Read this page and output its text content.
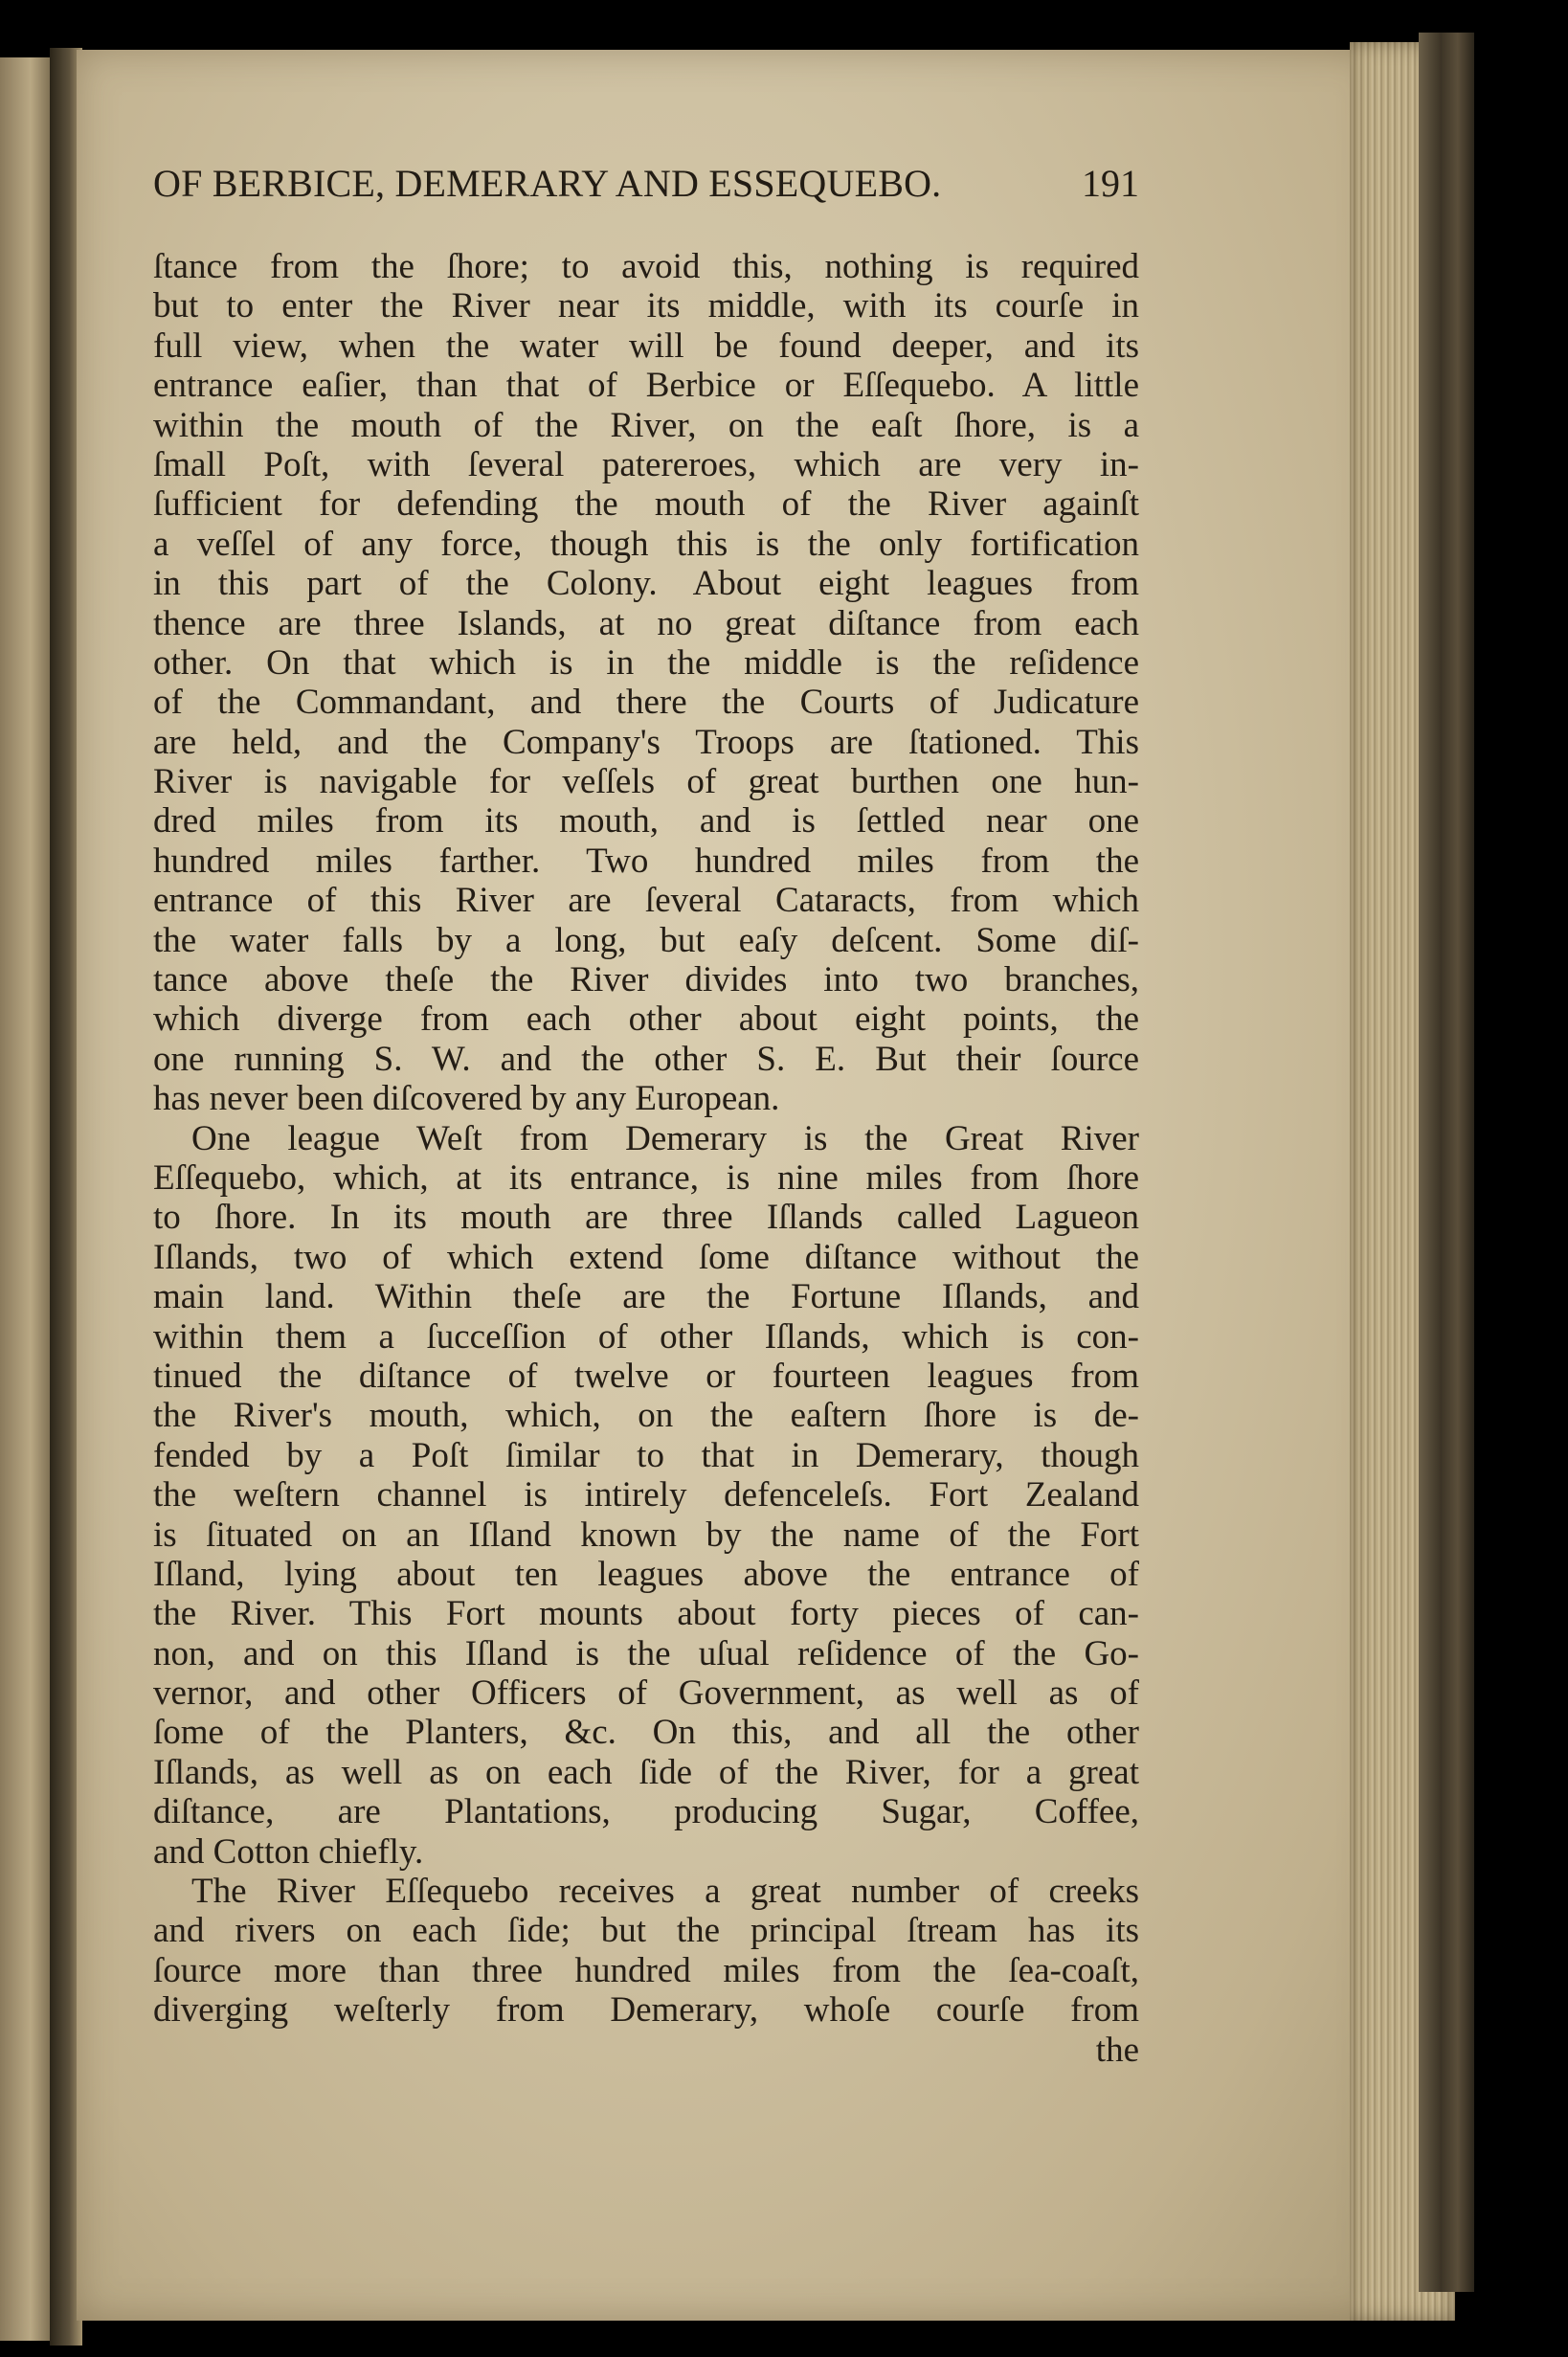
OF BERBICE, DEMERARY AND ESSEQUEBO.	191
ſtance from the ſhore; to avoid this, nothing is required
but to enter the River near its middle, with its courſe in
full view, when the water will be found deeper, and its
entrance eaſier, than that of Berbice or Eſſequebo. A little
within the mouth of the River, on the eaſt ſhore, is a
ſmall Poſt, with ſeveral patereroes, which are very in-
ſufficient for defending the mouth of the River againſt
a veſſel of any force, though this is the only fortification
in this part of the Colony. About eight leagues from
thence are three Islands, at no great diſtance from each
other. On that which is in the middle is the reſidence
of the Commandant, and there the Courts of Judicature
are held, and the Company's Troops are ſtationed. This
River is navigable for veſſels of great burthen one hun-
dred miles from its mouth, and is ſettled near one
hundred miles farther. Two hundred miles from the
entrance of this River are ſeveral Cataracts, from which
the water falls by a long, but eaſy deſcent. Some diſ-
tance above theſe the River divides into two branches,
which diverge from each other about eight points, the
one running S. W. and the other S. E. But their ſource
has never been diſcovered by any European.
One league Weſt from Demerary is the Great River
Eſſequebo, which, at its entrance, is nine miles from ſhore
to ſhore. In its mouth are three Iſlands called Lagueon
Iſlands, two of which extend ſome diſtance without the
main land. Within theſe are the Fortune Iſlands, and
within them a ſucceſſion of other Iſlands, which is con-
tinued the diſtance of twelve or fourteen leagues from
the River's mouth, which, on the eaſtern ſhore is de-
fended by a Poſt ſimilar to that in Demerary, though
the weſtern channel is intirely defenceleſs. Fort Zealand
is ſituated on an Iſland known by the name of the Fort
Iſland, lying about ten leagues above the entrance of
the River. This Fort mounts about forty pieces of can-
non, and on this Iſland is the uſual reſidence of the Go-
vernor, and other Officers of Government, as well as of
ſome of the Planters, &c. On this, and all the other
Iſlands, as well as on each ſide of the River, for a great
diſtance, are Plantations, producing Sugar, Coffee,
and Cotton chiefly.
The River Eſſequebo receives a great number of creeks
and rivers on each ſide; but the principal ſtream has its
ſource more than three hundred miles from the ſea-coaſt,
diverging weſterly from Demerary, whoſe courſe from
the
